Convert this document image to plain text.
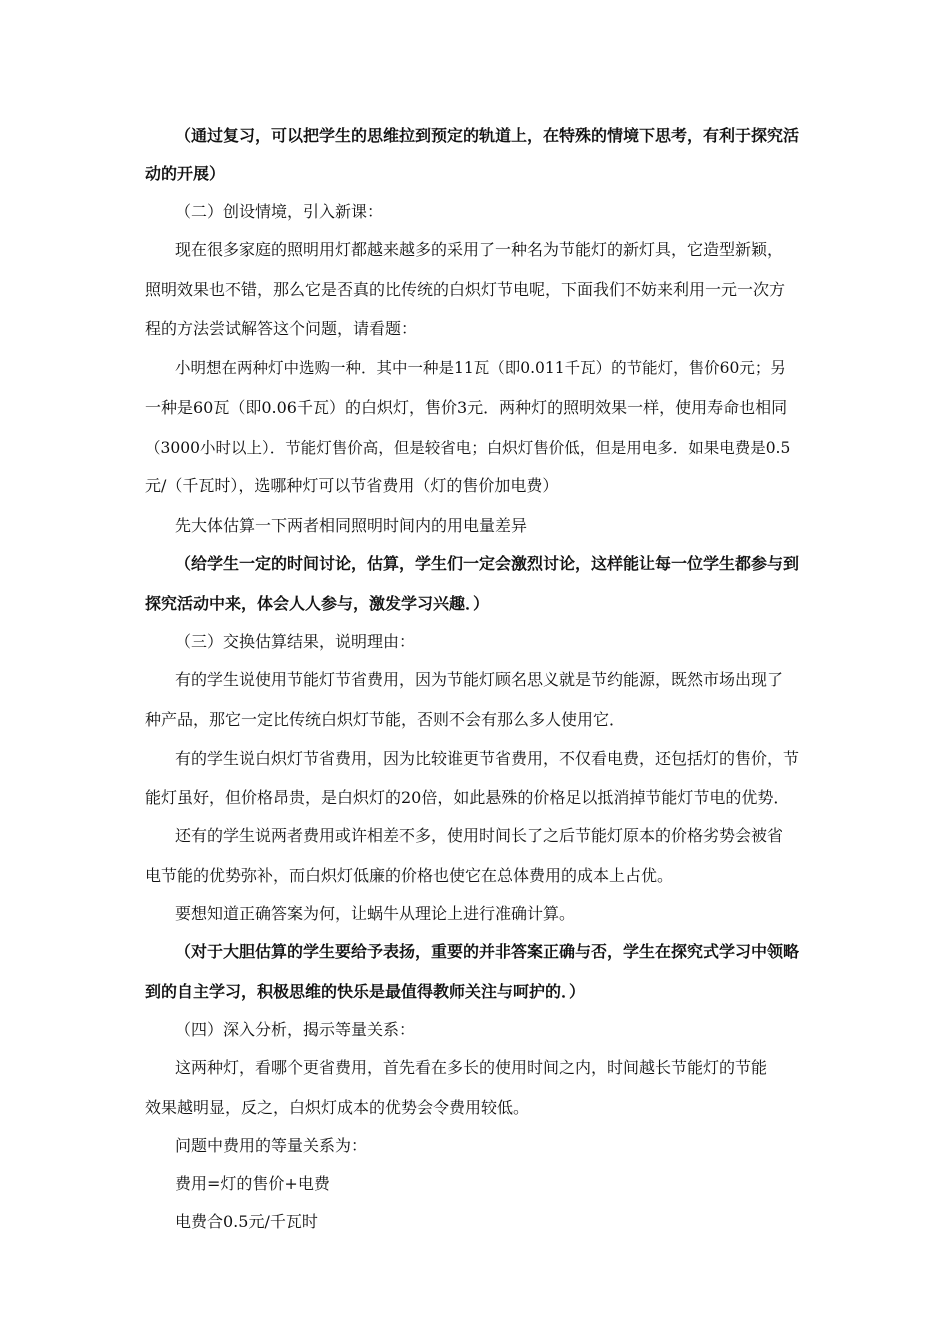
（通过复习，可以把学生的思维拉到预定的轨道上，在特殊的情境下思考，有利于探究活
动的开展）
（二）创设情境，引入新课：
现在很多家庭的照明用灯都越来越多的采用了一种名为节能灯的新灯具，它造型新颖，
照明效果也不错，那么它是否真的比传统的白炽灯节电呢，下面我们不妨来利用一元一次方
程的方法尝试解答这个问题，请看题：
小明想在两种灯中选购一种．其中一种是11瓦（即0.011千瓦）的节能灯，售价60元；另
一种是60瓦（即0.06千瓦）的白炽灯，售价3元．两种灯的照明效果一样，使用寿命也相同
（3000小时以上）．节能灯售价高，但是较省电；白炽灯售价低，但是用电多．如果电费是0.5
元/（千瓦时），选哪种灯可以节省费用（灯的售价加电费）
先大体估算一下两者相同照明时间内的用电量差异
（给学生一定的时间讨论，估算，学生们一定会激烈讨论，这样能让每一位学生都参与到
探究活动中来，体会人人参与，激发学习兴趣．）
（三）交换估算结果，说明理由：
有的学生说使用节能灯节省费用，因为节能灯顾名思义就是节约能源，既然市场出现了
种产品，那它一定比传统白炽灯节能，否则不会有那么多人使用它．
有的学生说白炽灯节省费用，因为比较谁更节省费用，不仅看电费，还包括灯的售价，节
能灯虽好，但价格昂贵，是白炽灯的20倍，如此悬殊的价格足以抵消掉节能灯节电的优势．
还有的学生说两者费用或许相差不多，使用时间长了之后节能灯原本的价格劣势会被省
电节能的优势弥补，而白炽灯低廉的价格也使它在总体费用的成本上占优。
要想知道正确答案为何，让蜗牛从理论上进行准确计算。
（对于大胆估算的学生要给予表扬，重要的并非答案正确与否，学生在探究式学习中领略
到的自主学习，积极思维的快乐是最值得教师关注与呵护的．）
（四）深入分析，揭示等量关系：
这两种灯，看哪个更省费用，首先看在多长的使用时间之内，时间越长节能灯的节能
效果越明显，反之，白炽灯成本的优势会令费用较低。
问题中费用的等量关系为：
费用=灯的售价+电费
电费合0.5元/千瓦时
